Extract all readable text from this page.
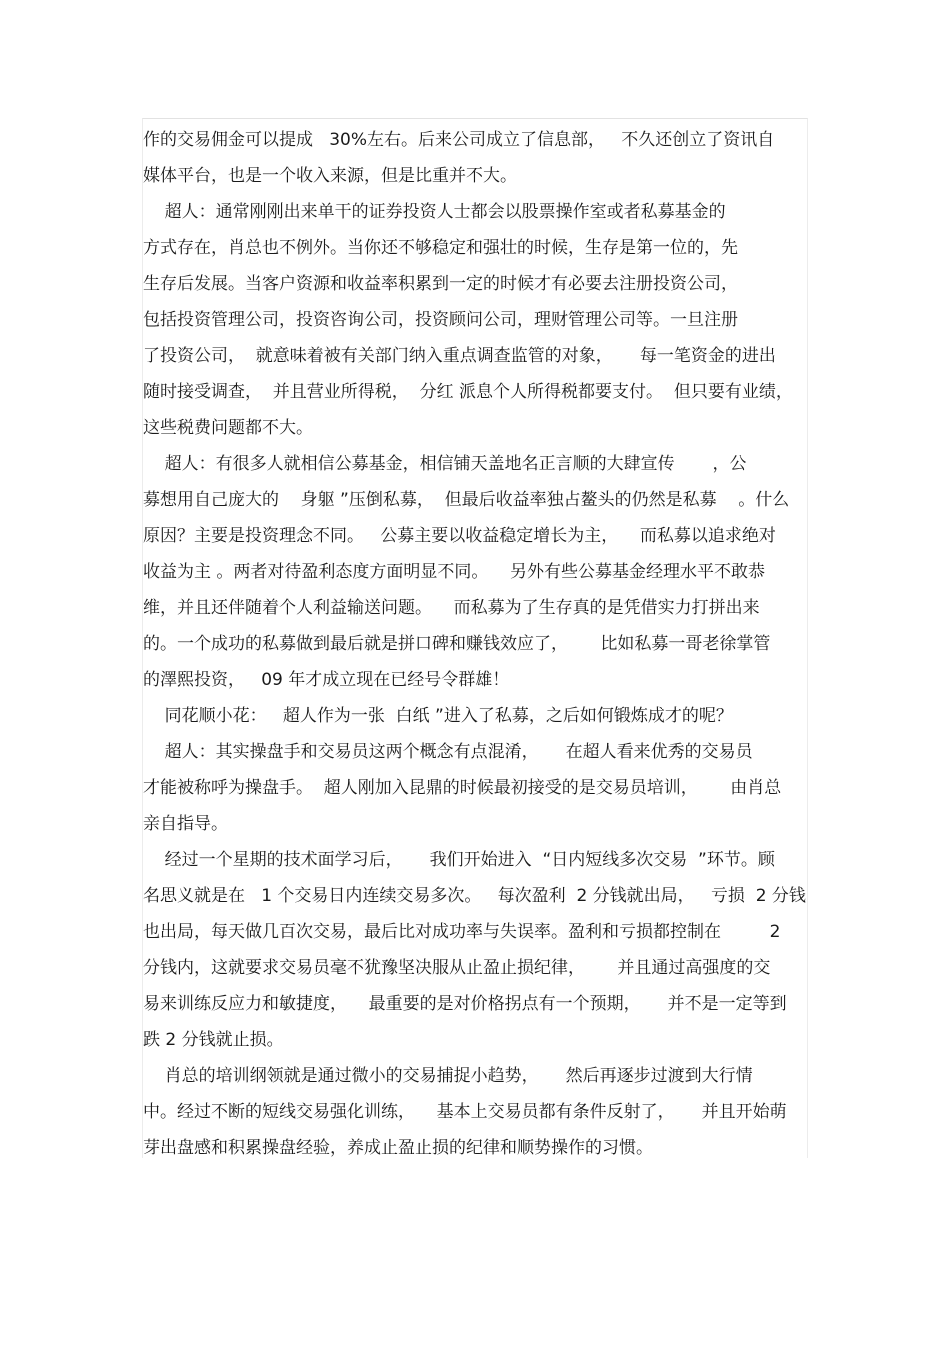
作的交易佣金可以提成   30%左右。后来公司成立了信息部，   不久还创立了资讯自
媒体平台，也是一个收入来源，但是比重并不大。
超人：通常刚刚出来单干的证券投资人士都会以股票操作室或者私募基金的
方式存在，肖总也不例外。当你还不够稳定和强壮的时候，生存是第一位的，先
生存后发展。当客户资源和收益率积累到一定的时候才有必要去注册投资公司，
包括投资管理公司，投资咨询公司，投资顾问公司，理财管理公司等。一旦注册
了投资公司，  就意味着被有关部门纳入重点调查监管的对象，     每一笔资金的进出
随时接受调查，  并且营业所得税，  分红 派息个人所得税都要支付。  但只要有业绩，
这些税费问题都不大。
超人：有很多人就相信公募基金，相信铺天盖地名正言顺的大肆宣传       ，公
募想用自己庞大的    身躯 ”压倒私募，  但最后收益率独占鳌头的仍然是私募    。什么
原因？主要是投资理念不同。   公募主要以收益稳定增长为主，    而私募以追求绝对
收益为主 。两者对待盈利态度方面明显不同。    另外有些公募基金经理水平不敢恭
维，并且还伴随着个人利益输送问题。    而私募为了生存真的是凭借实力打拼出来
的。一个成功的私募做到最后就是拼口碑和赚钱效应了，      比如私募一哥老徐掌管
的澤熙投资，   09 年才成立现在已经号令群雄！
同花顺小花：   超人作为一张  白纸 ”进入了私募，之后如何锻炼成才的呢？
超人：其实操盘手和交易员这两个概念有点混淆，     在超人看来优秀的交易员
才能被称呼为操盘手。  超人刚加入昆鼎的时候最初接受的是交易员培训，      由肖总
亲自指导。
经过一个星期的技术面学习后，     我们开始进入  “日内短线多次交易  ”环节。顾
名思义就是在   1 个交易日内连续交易多次。   每次盈利  2 分钱就出局，   亏损  2 分钱
也出局，每天做几百次交易，最后比对成功率与失误率。盈利和亏损都控制在         2
分钱内，这就要求交易员毫不犹豫坚决服从止盈止损纪律，      并且通过高强度的交
易来训练反应力和敏捷度，    最重要的是对价格拐点有一个预期，     并不是一定等到
跌 2 分钱就止损。
肖总的培训纲领就是通过微小的交易捕捉小趋势，     然后再逐步过渡到大行情
中。经过不断的短线交易强化训练，    基本上交易员都有条件反射了，     并且开始萌
芽出盘感和积累操盘经验，养成止盈止损的纪律和顺势操作的习惯。
